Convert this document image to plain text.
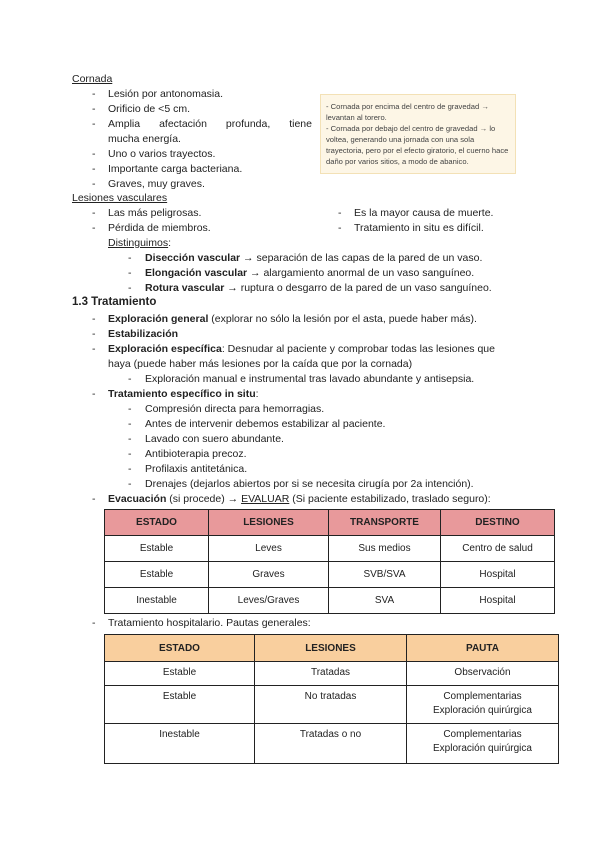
Cornada
- Lesión por antonomasia.
- Orificio de <5 cm.
- Amplia afectación profunda, tiene
mucha energía.
- Uno o varios trayectos.
- Importante carga bacteriana.
- Graves, muy graves.
- Cornada por encima del centro de gravedad → levantan al torero.
- Cornada por debajo del centro de gravedad → lo voltea, generando una jornada con una sola trayectoria, pero por el efecto giratorio, el cuerno hace daño por varios sitios, a modo de abanico.
Lesiones vasculares
- Las más peligrosas.
- Pérdida de miembros.
- Es la mayor causa de muerte.
- Tratamiento in situ es difícil.
Distinguimos:
- Disección vascular → separación de las capas de la pared de un vaso.
- Elongación vascular → alargamiento anormal de un vaso sanguíneo.
- Rotura vascular → ruptura o desgarro de la pared de un vaso sanguíneo.
1.3 Tratamiento
- Exploración general (explorar no sólo la lesión por el asta, puede haber más).
- Estabilización
- Exploración específica: Desnudar al paciente y comprobar todas las lesiones que
haya (puede haber más lesiones por la caída que por la cornada)
- Exploración manual e instrumental tras lavado abundante y antisepsia.
- Tratamiento específico in situ:
- Compresión directa para hemorragias.
- Antes de intervenir debemos estabilizar al paciente.
- Lavado con suero abundante.
- Antibioterapia precoz.
- Profilaxis antitetánica.
- Drenajes (dejarlos abiertos por si se necesita cirugía por 2a intención).
- Evacuación (si procede) → EVALUAR (Si paciente estabilizado, traslado seguro):
ESTADO	LESIONES	TRANSPORTE	DESTINO
Estable	Leves	Sus medios	Centro de salud
Estable	Graves	SVB/SVA	Hospital
Inestable	Leves/Graves	SVA	Hospital
- Tratamiento hospitalario. Pautas generales:
ESTADO	LESIONES	PAUTA
Estable	Tratadas	Observación

Estable	No tratadas	Complementarias
Exploración quirúrgica

Inestable	Tratadas o no	Complementarias
Exploración quirúrgica
